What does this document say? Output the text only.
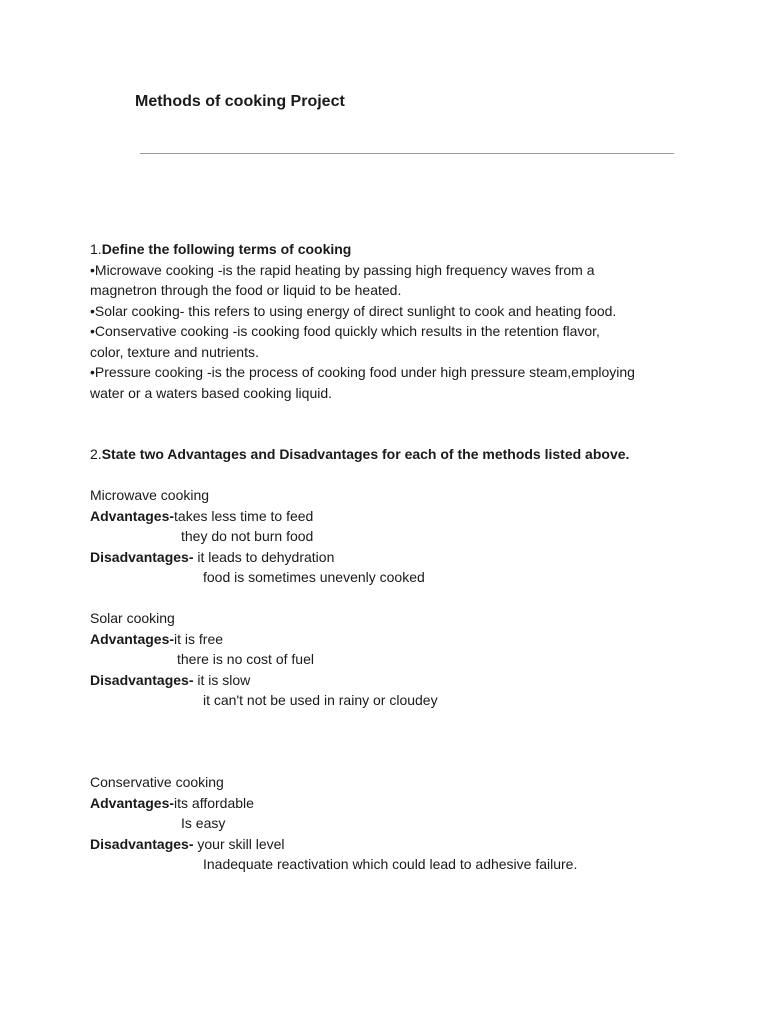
Methods of cooking Project

1.Define the following terms of cooking

•Microwave cooking -is the rapid heating by passing high frequency waves from a

magnetron through the food or liquid to be heated.

•Solar cooking- this refers to using energy of direct sunlight to cook and heating food.

•Conservative cooking -is cooking food quickly which results in the retention flavor,

color, texture and nutrients.

•Pressure cooking -is the process of cooking food under high pressure steam,employing

water or a waters based cooking liquid.

2.State two Advantages and Disadvantages for each of the methods listed above.

Microwave cooking

Advantages-takes less time to feed

they do not burn food

Disadvantages- it leads to dehydration

food is sometimes unevenly cooked

Solar cooking

Advantages-it is free

there is no cost of fuel

Disadvantages- it is slow

it can't not be used in rainy or cloudey

Conservative cooking

Advantages-its affordable

Is easy

Disadvantages- your skill level

Inadequate reactivation which could lead to adhesive failure.
